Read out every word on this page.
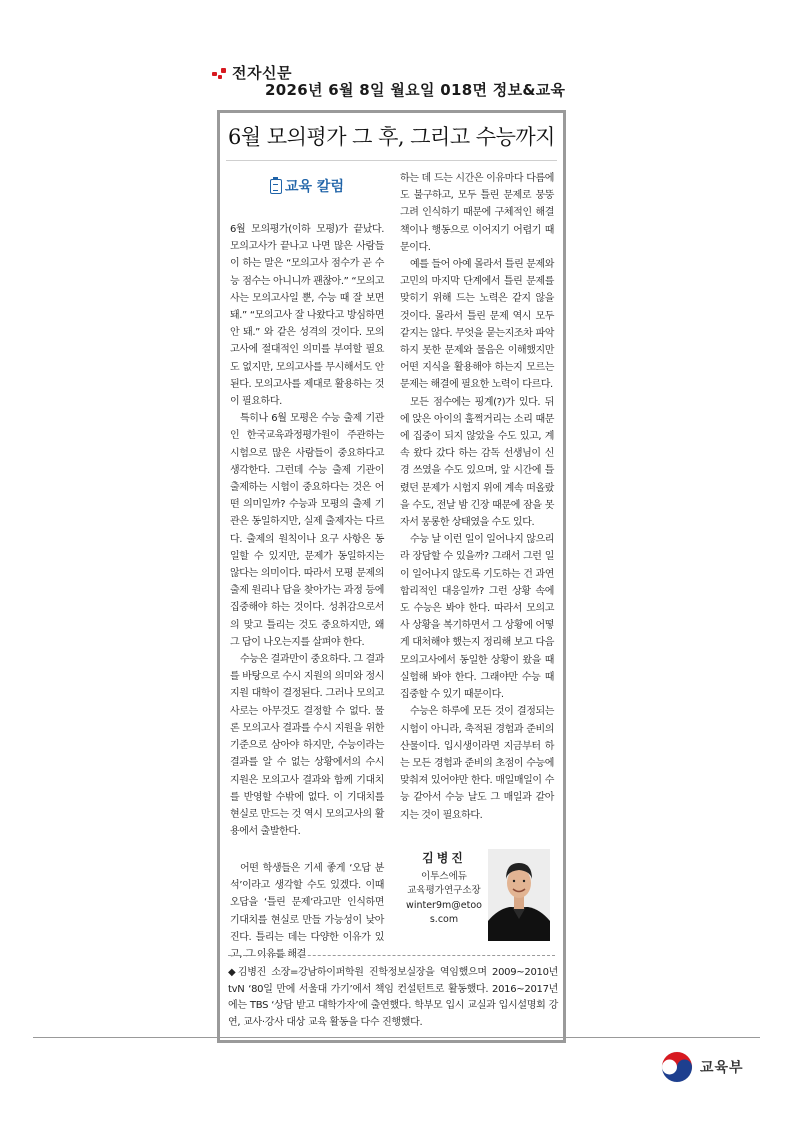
전자신문
2026년 6월 8일 월요일 018면 정보&교육
6월 모의평가 그 후, 그리고 수능까지
교육 칼럼

6월 모의평가(이하 모평)가 끝났다. 모의고사가 끝나고 나면 많은 사람들이 하는 말은 “모의고사 점수가 곧 수능 점수는 아니니까 괜찮아.” “모의고사는 모의고사일 뿐, 수능 때 잘 보면 돼.” “모의고사 잘 나왔다고 방심하면 안 돼.” 와 같은 성격의 것이다. 모의고사에 절대적인 의미를 부여할 필요도 없지만, 모의고사를 무시해서도 안 된다. 모의고사를 제대로 활용하는 것이 필요하다.

특히나 6월 모평은 수능 출제 기관인 한국교육과정평가원이 주관하는 시험으로 많은 사람들이 중요하다고 생각한다. 그런데 수능 출제 기관이 출제하는 시험이 중요하다는 것은 어떤 의미일까? 수능과 모평의 출제 기관은 동일하지만, 실제 출제자는 다르다. 출제의 원칙이나 요구 사항은 동일할 수 있지만, 문제가 동일하지는 않다는 의미이다. 따라서 모평 문제의 출제 원리나 답을 찾아가는 과정 등에 집중해야 하는 것이다. 성취감으로서의 맞고 틀리는 것도 중요하지만, 왜 그 답이 나오는지를 살펴야 한다.

수능은 결과만이 중요하다. 그 결과를 바탕으로 수시 지원의 의미와 정시 지원 대학이 결정된다. 그러나 모의고사로는 아무것도 결정할 수 없다. 물론 모의고사 결과를 수시 지원을 위한 기준으로 삼아야 하지만, 수능이라는 결과를 알 수 없는 상황에서의 수시 지원은 모의고사 결과와 함께 기대치를 반영할 수밖에 없다. 이 기대치를 현실로 만드는 것 역시 모의고사의 활용에서 출발한다.

어떤 학생들은 기세 좋게 ‘오답 분석’이라고 생각할 수도 있겠다. 이때 오답을 ‘틀린 문제’라고만 인식하면 기대치를 현실로 만들 가능성이 낮아진다. 틀리는 데는 다양한 이유가 있고, 그 이유를 해결

하는 데 드는 시간은 이유마다 다름에도 불구하고, 모두 틀린 문제로 뭉뚱그려 인식하기 때문에 구체적인 해결책이나 행동으로 이어지기 어렵기 때문이다.

예를 들어 아예 몰라서 틀린 문제와 고민의 마지막 단계에서 틀린 문제를 맞히기 위해 드는 노력은 같지 않을 것이다. 몰라서 틀린 문제 역시 모두 같지는 않다. 무엇을 묻는지조차 파악하지 못한 문제와 물음은 이해했지만 어떤 지식을 활용해야 하는지 모르는 문제는 해결에 필요한 노력이 다르다.

모든 점수에는 핑계(?)가 있다. 뒤에 앉은 아이의 훌쩍거리는 소리 때문에 집중이 되지 않았을 수도 있고, 계속 왔다 갔다 하는 감독 선생님이 신경 쓰였을 수도 있으며, 앞 시간에 틀렸던 문제가 시험지 위에 계속 떠올랐을 수도, 전날 밤 긴장 때문에 잠을 못 자서 몽롱한 상태였을 수도 있다.

수능 날 이런 일이 일어나지 않으리라 장담할 수 있을까? 그래서 그런 일이 일어나지 않도록 기도하는 건 과연 합리적인 대응일까? 그런 상황 속에도 수능은 봐야 한다. 따라서 모의고사 상황을 복기하면서 그 상황에 어떻게 대처해야 했는지 정리해 보고 다음 모의고사에서 동일한 상황이 왔을 때 실험해 봐야 한다. 그래야만 수능 때 집중할 수 있기 때문이다.

수능은 하루에 모든 것이 결정되는 시험이 아니라, 축적된 경험과 준비의 산물이다. 입시생이라면 지금부터 하는 모든 경험과 준비의 초점이 수능에 맞춰져 있어야만 한다. 매일매일이 수능 같아서 수능 날도 그 매일과 같아지는 것이 필요하다.

김병진
이투스에듀
교육평가연구소장
winter9m@etoos.com
◆김병진 소장=강남하이퍼학원 진학정보실장을 역임했으며 2009~2010년 tvN ‘80일 만에 서울대 가기’에서 책임 컨설턴트로 활동했다. 2016~2017년에는 TBS ‘상담 받고 대학가자’에 출연했다. 학부모 입시 교실과 입시설명회 강연, 교사·강사 대상 교육 활동을 다수 진행했다.
교육부
